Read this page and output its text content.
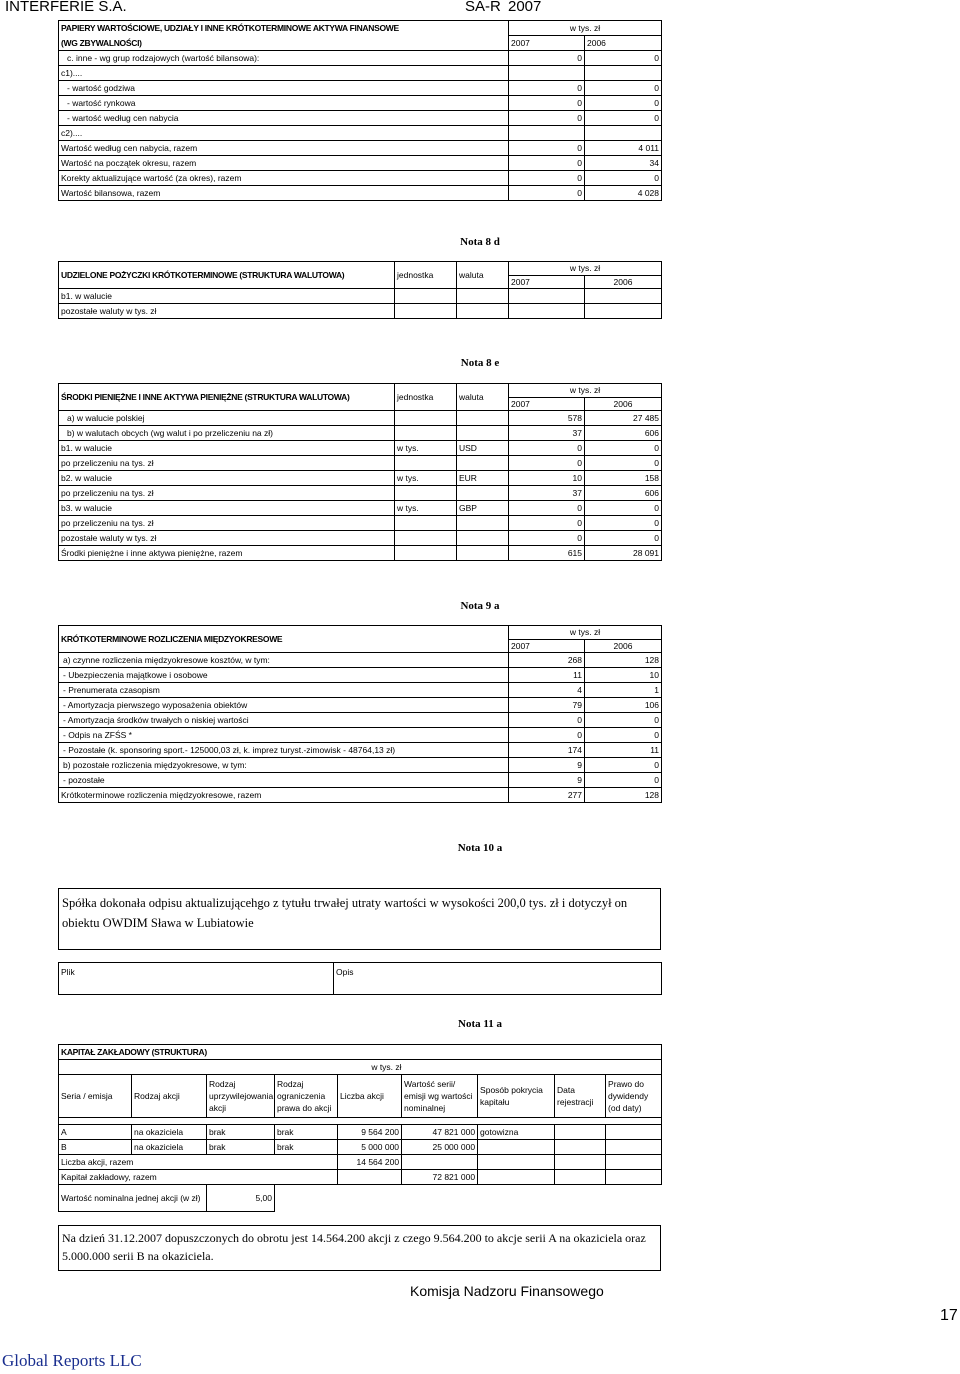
INTERFERIE S.A.	SA-R 2007
PAPIERY WARTOŚCIOWE, UDZIAŁY I INNE KRÓTKOTERMINOWE AKTYWA FINANSOWE	w tys. zł	
(WG ZBYWALNOŚCI)	2007	2006
c. inne - wg grup rodzajowych (wartość bilansowa):	0	0
c1)....		
- wartość godziwa	0	0
- wartość rynkowa	0	0
- wartość według cen nabycia	0	0
c2)....		
Wartość według cen nabycia, razem	0	4 011
Wartość na początek okresu, razem	0	34
Korekty aktualizujące wartość (za okres), razem	0	0
Wartość bilansowa, razem	0	4 028
Nota 8 d
UDZIELONE POŻYCZKI KRÓTKOTERMINOWE (STRUKTURA WALUTOWA)	jednostka	waluta	w tys. zł	
			2007	2006
b1. w walucie				
pozostałe waluty w tys. zł				
Nota 8 e
ŚRODKI PIENIĘŻNE I INNE AKTYWA PIENIĘŻNE (STRUKTURA WALUTOWA)	jednostka	waluta	w tys. zł	
			2007	2006
a) w walucie polskiej			578	27 485
b) w walutach obcych (wg walut i po przeliczeniu na zł)			37	606
b1. w walucie	w tys.	USD	0	0
po przeliczeniu na tys. zł			0	0
b2. w walucie	w tys.	EUR	10	158
po przeliczeniu na tys. zł			37	606
b3. w walucie	w tys.	GBP	0	0
po przeliczeniu na tys. zł			0	0
pozostałe waluty w tys. zł			0	0
Środki pieniężne i inne aktywa pieniężne, razem			615	28 091
Nota 9 a
KRÓTKOTERMINOWE ROZLICZENIA MIĘDZYOKRESOWE	w tys. zł	
	2007	2006
a) czynne rozliczenia międzyokresowe kosztów, w tym:	268	128
- Ubezpieczenia majątkowe i osobowe	11	10
- Prenumerata czasopism	4	1
- Amortyzacja pierwszego wyposażenia obiektów	79	106
- Amortyzacja środków trwałych o niskiej wartości	0	0
- Odpis na ZFŚS *	0	0
- Pozostałe (k. sponsoring sport.- 125000,03 zł, k. imprez turyst.-zimowisk - 48764,13 zł)	174	11
b) pozostałe rozliczenia międzyokresowe, w tym:	9	0
- pozostałe	9	0
Krótkoterminowe rozliczenia międzyokresowe, razem	277	128
Nota 10 a
Spółka dokonała odpisu aktualizującehgo z tytułu trwałej utraty wartości w wysokości 200,0 tys. zł i dotyczył on obiektu OWDIM Sława w Lubiatowie
Plik	Opis
Nota 11 a
KAPITAŁ ZAKŁADOWY (STRUKTURA)								
w tys. zł								
Seria / emisja	Rodzaj akcji	Rodzaj uprzywilejowania akcji	Rodzaj ograniczenia prawa do akcji	Liczba akcji	Wartość serii/ emisji wg wartości nominalnej	Sposób pokrycia kapitału	Data rejestracji	Prawo do dywidendy (od daty)

A	na okaziciela	brak	brak	9 564 200	47 821 000	gotowizna		
B	na okaziciela	brak	brak	5 000 000	25 000 000			
Liczba akcji, razem				14 564 200				
Kapitał zakładowy, razem					72 821 000			
Wartość nominalna jednej akcji (w zł)		5,00						
Na dzień 31.12.2007 dopuszczonych do obrotu jest 14.564.200 akcji z czego 9.564.200 to akcje serii A na okaziciela oraz 5.000.000 serii B na okaziciela.
Komisja Nadzoru Finansowego
17
Global Reports LLC
